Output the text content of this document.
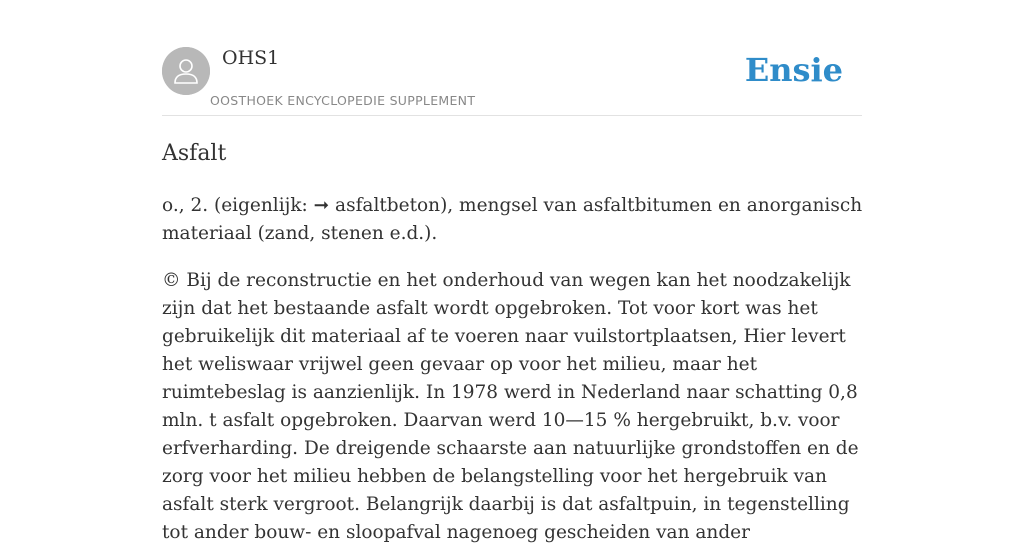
OHS1
OOSTHOEK ENCYCLOPEDIE SUPPLEMENT
Ensie
Asfalt

o., 2. (eigenlijk: ➞ asfaltbeton), mengsel van asfaltbitumen en anorganisch materiaal (zand, stenen e.d.).

© Bij de reconstructie en het onderhoud van wegen kan het noodzakelijk zijn dat het bestaande asfalt wordt opgebroken. Tot voor kort was het gebruikelijk dit materiaal af te voeren naar vuilstortplaatsen, Hier levert het weliswaar vrijwel geen gevaar op voor het milieu, maar het ruimtebeslag is aanzienlijk. In 1978 werd in Nederland naar schatting 0,8 mln. t asfalt opgebroken. Daarvan werd 10—15 % hergebruikt, b.v. voor erfverharding. De dreigende schaarste aan natuurlijke grondstoffen en de zorg voor het milieu hebben de belangstelling voor het hergebruik van asfalt sterk vergroot. Belangrijk daarbij is dat asfaltpuin, in tegenstelling tot ander bouw- en sloopafval nagenoeg gescheiden van ander
